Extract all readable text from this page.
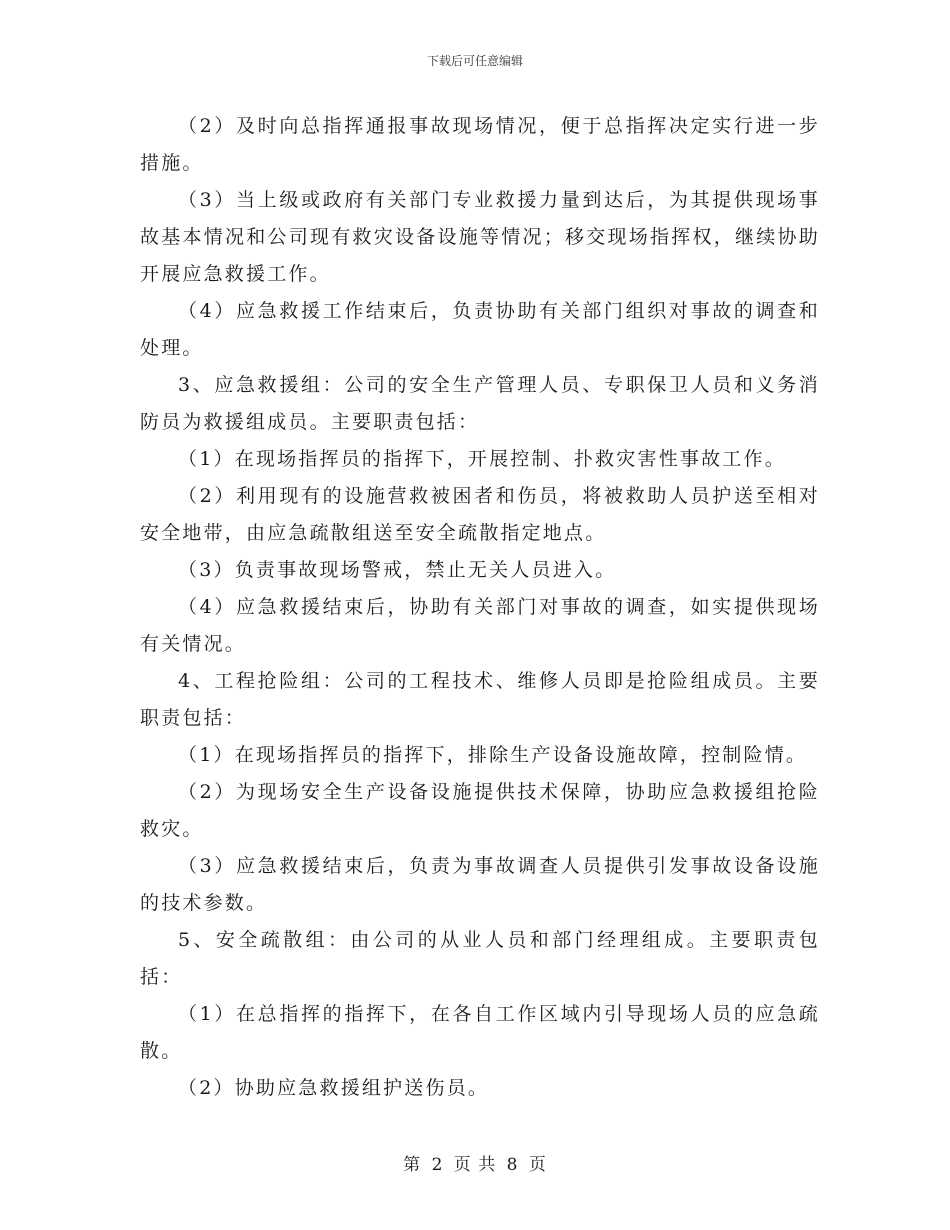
下载后可任意编辑

（2）及时向总指挥通报事故现场情况，便于总指挥决定实行进一步措施。

（3）当上级或政府有关部门专业救援力量到达后，为其提供现场事故基本情况和公司现有救灾设备设施等情况；移交现场指挥权，继续协助开展应急救援工作。

（4）应急救援工作结束后，负责协助有关部门组织对事故的调查和处理。

3、应急救援组：公司的安全生产管理人员、专职保卫人员和义务消防员为救援组成员。主要职责包括：

（1）在现场指挥员的指挥下，开展控制、扑救灾害性事故工作。

（2）利用现有的设施营救被困者和伤员，将被救助人员护送至相对安全地带，由应急疏散组送至安全疏散指定地点。

（3）负责事故现场警戒，禁止无关人员进入。

（4）应急救援结束后，协助有关部门对事故的调查，如实提供现场有关情况。

4、工程抢险组：公司的工程技术、维修人员即是抢险组成员。主要职责包括：

（1）在现场指挥员的指挥下，排除生产设备设施故障，控制险情。

（2）为现场安全生产设备设施提供技术保障，协助应急救援组抢险救灾。

（3）应急救援结束后，负责为事故调查人员提供引发事故设备设施的技术参数。

5、安全疏散组：由公司的从业人员和部门经理组成。主要职责包括：

（1）在总指挥的指挥下，在各自工作区域内引导现场人员的应急疏散。

（2）协助应急救援组护送伤员。

第 2 页 共 8 页
